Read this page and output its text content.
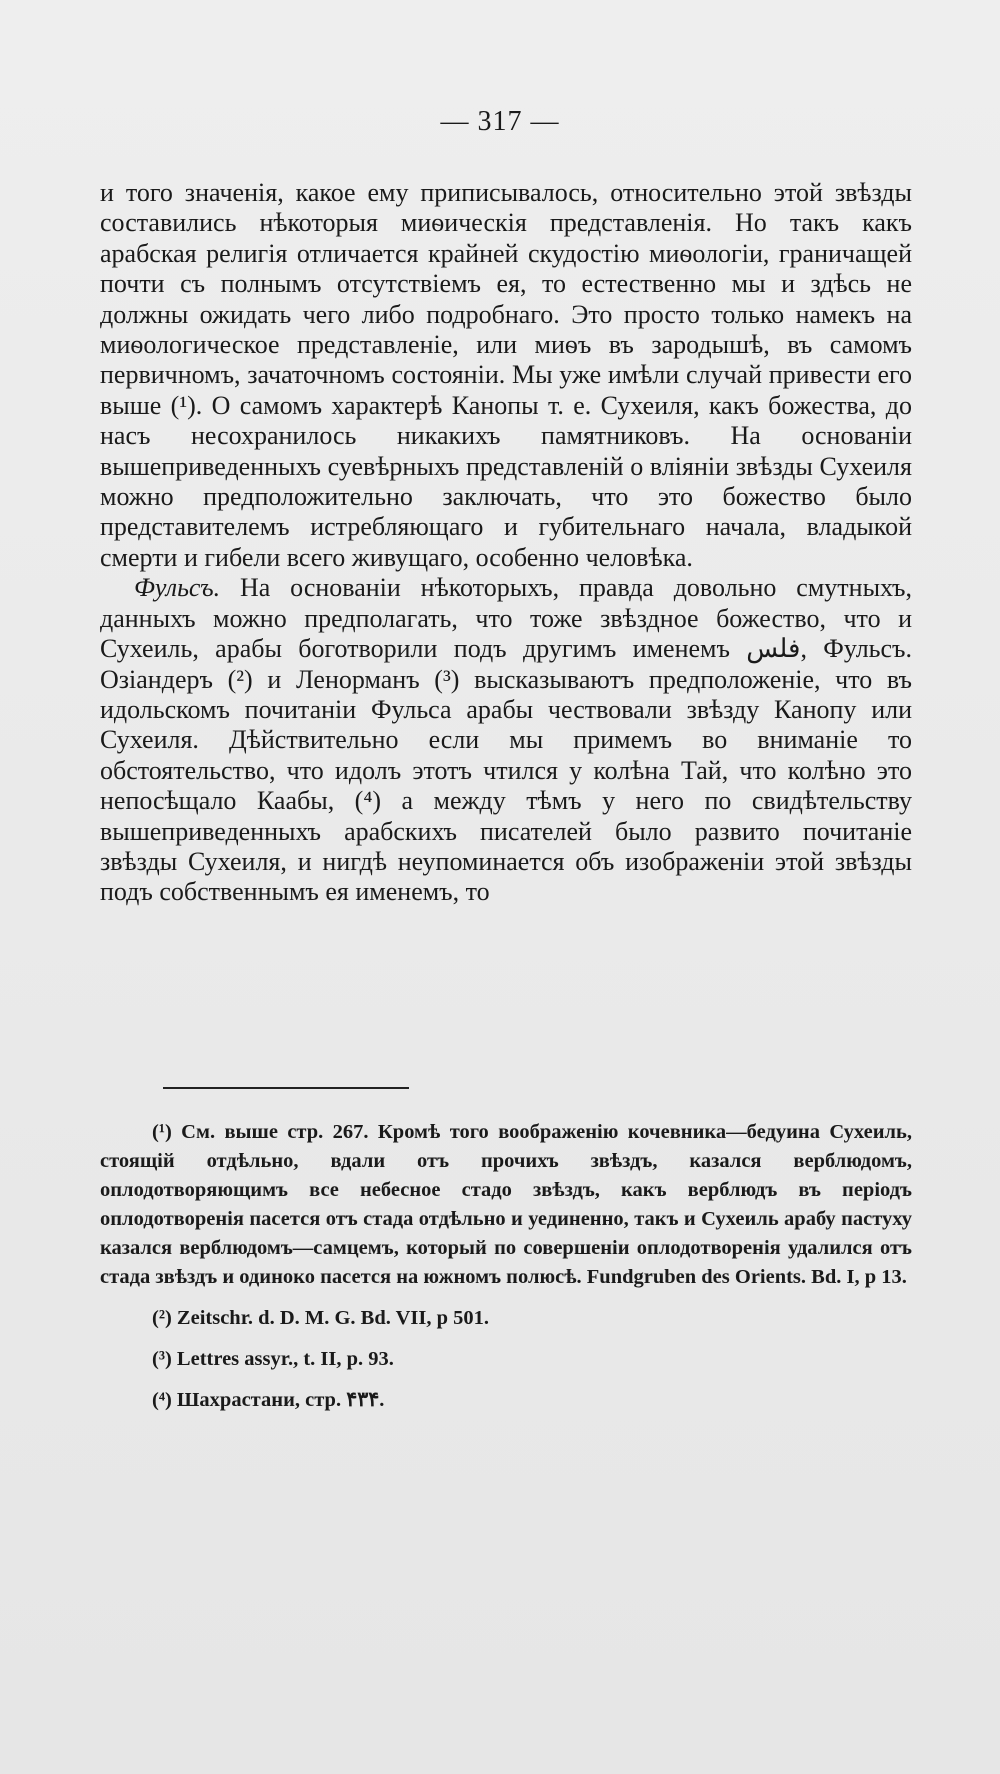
— 317 —

и того значенія, какое ему приписывалось, относительно этой звѣзды составились нѣкоторыя миѳическія представленія. Но такъ какъ арабская религія отличается крайней скудостію миѳологіи, граничащей почти съ полнымъ отсутствіемъ ея, то естественно мы и здѣсь не должны ожидать чего либо подробнаго. Это просто только намекъ на миѳологическое представленіе, или миѳъ въ зародышѣ, въ самомъ первичномъ, зачаточномъ состояніи. Мы уже имѣли случай привести его выше (¹). О самомъ характерѣ Канопы т. е. Сухеиля, какъ божества, до насъ несохранилось никакихъ памятниковъ. На основаніи вышеприведенныхъ суевѣрныхъ представленій о вліяніи звѣзды Сухеиля можно предположительно заключать, что это божество было представителемъ истребляющаго и губительнаго начала, владыкой смерти и гибели всего живущаго, особенно человѣка.

Фульсъ. На основаніи нѣкоторыхъ, правда довольно смутныхъ, данныхъ можно предполагать, что тоже звѣздное божество, что и Сухеиль, арабы боготворили подъ другимъ именемъ فلس, Фульсъ. Озіандеръ (²) и Ленорманъ (³) высказываютъ предположеніе, что въ идольскомъ почитаніи Фульса арабы чествовали звѣзду Канопу или Сухеиля. Дѣйствительно если мы примемъ во вниманіе то обстоятельство, что идолъ этотъ чтился у колѣна Тай, что колѣно это непосѣщало Каабы, (⁴) а между тѣмъ у него по свидѣтельству вышеприведенныхъ арабскихъ писателей было развито почитаніе звѣзды Сухеиля, и нигдѣ неупоминается объ изображеніи этой звѣзды подъ собственнымъ ея именемъ, то

(¹) См. выше стр. 267. Кромѣ того воображенію кочевника—бедуина Сухеиль, стоящій отдѣльно, вдали отъ прочихъ звѣздъ, казался верблюдомъ, оплодотворяющимъ все небесное стадо звѣздъ, какъ верблюдъ въ періодъ оплодотворенія пасется отъ стада отдѣльно и уединенно, такъ и Сухеиль арабу пастуху казался верблюдомъ—самцемъ, который по совершеніи оплодотворенія удалился отъ стада звѣздъ и одиноко пасется на южномъ полюсѣ. Fundgruben des Orients. Bd. I, p 13.

(²) Zeitschr. d. D. M. G. Bd. VII, p 501.

(³) Lettres assyr., t. II, p. 93.

(⁴) Шахрастани, стр. ۴۳۴.
